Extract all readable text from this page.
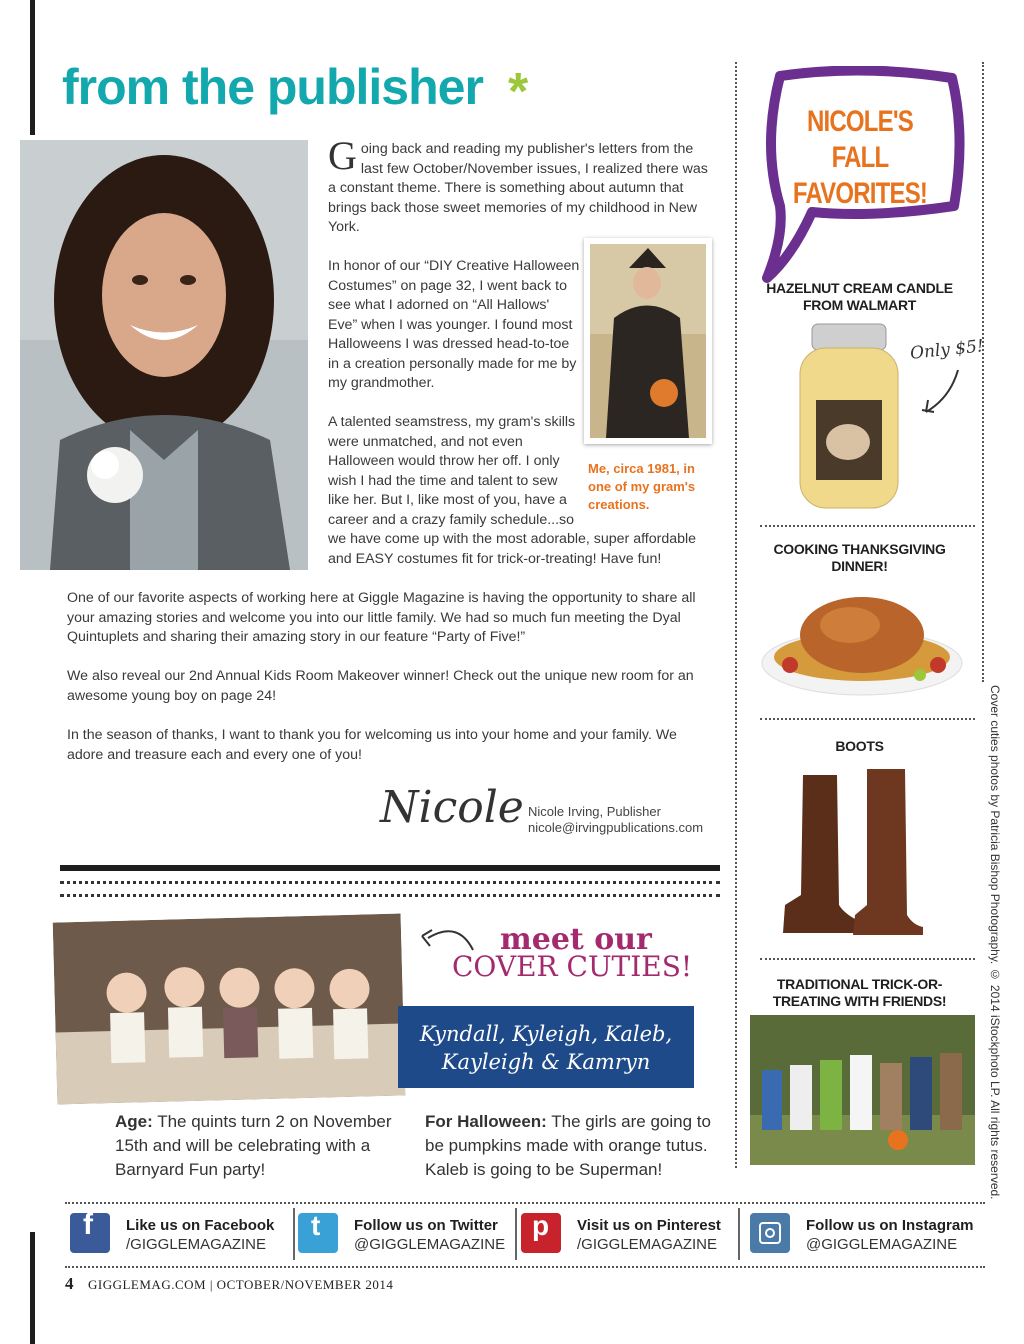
from the publisher *
Going back and reading my publisher's letters from the last few October/November issues, I realized there was a constant theme. There is something about autumn that brings back those sweet memories of my childhood in New York.
In honor of our “DIY Creative Halloween Costumes” on page 32, I went back to see what I adorned on “All Hallows' Eve” when I was younger. I found most Halloweens I was dressed head-to-toe in a creation personally made for me by my grandmother.
A talented seamstress, my gram's skills were unmatched, and not even Halloween would throw her off. I only wish I had the time and talent to sew like her. But I, like most of you, have a career and a crazy family schedule...so
we have come up with the most adorable, super affordable and EASY costumes fit for trick-or-treating! Have fun!
Me, circa 1981, in one of my gram's creations.
One of our favorite aspects of working here at Giggle Magazine is having the opportunity to share all your amazing stories and welcome you into our little family. We had so much fun meeting the Dyal Quintuplets and sharing their amazing story in our feature “Party of Five!”
We also reveal our 2nd Annual Kids Room Makeover winner! Check out the unique new room for an awesome young boy on page 24!
In the season of thanks, I want to thank you for welcoming us into your home and your family. We adore and treasure each and every one of you!
Nicole Nicole Irving, Publisher
nicole@irvingpublications.com
NICOLE'S FALL FAVORITES!
HAZELNUT CREAM CANDLE FROM WALMART
Only $5!
COOKING THANKSGIVING DINNER!
BOOTS
TRADITIONAL TRICK-OR-TREATING WITH FRIENDS!	Cover cuties photos by Patricia Bishop Photography. © 2014 iStockphoto LP. All rights reserved.
meet our
COVER CUTIES!
Kyndall, Kyleigh, Kaleb, Kayleigh & Kamryn
Age: The quints turn 2 on November 15th and will be celebrating with a Barnyard Fun party!
For Halloween: The girls are going to be pumpkins made with orange tutus. Kaleb is going to be Superman!
f Like us on Facebook
/GIGGLEMAGAZINE
t Follow us on Twitter
@GIGGLEMAGAZINE
p Visit us on Pinterest
/GIGGLEMAGAZINE
Follow us on Instagram
@GIGGLEMAGAZINE
4 GIGGLEMAG.COM | OCTOBER/NOVEMBER 2014
